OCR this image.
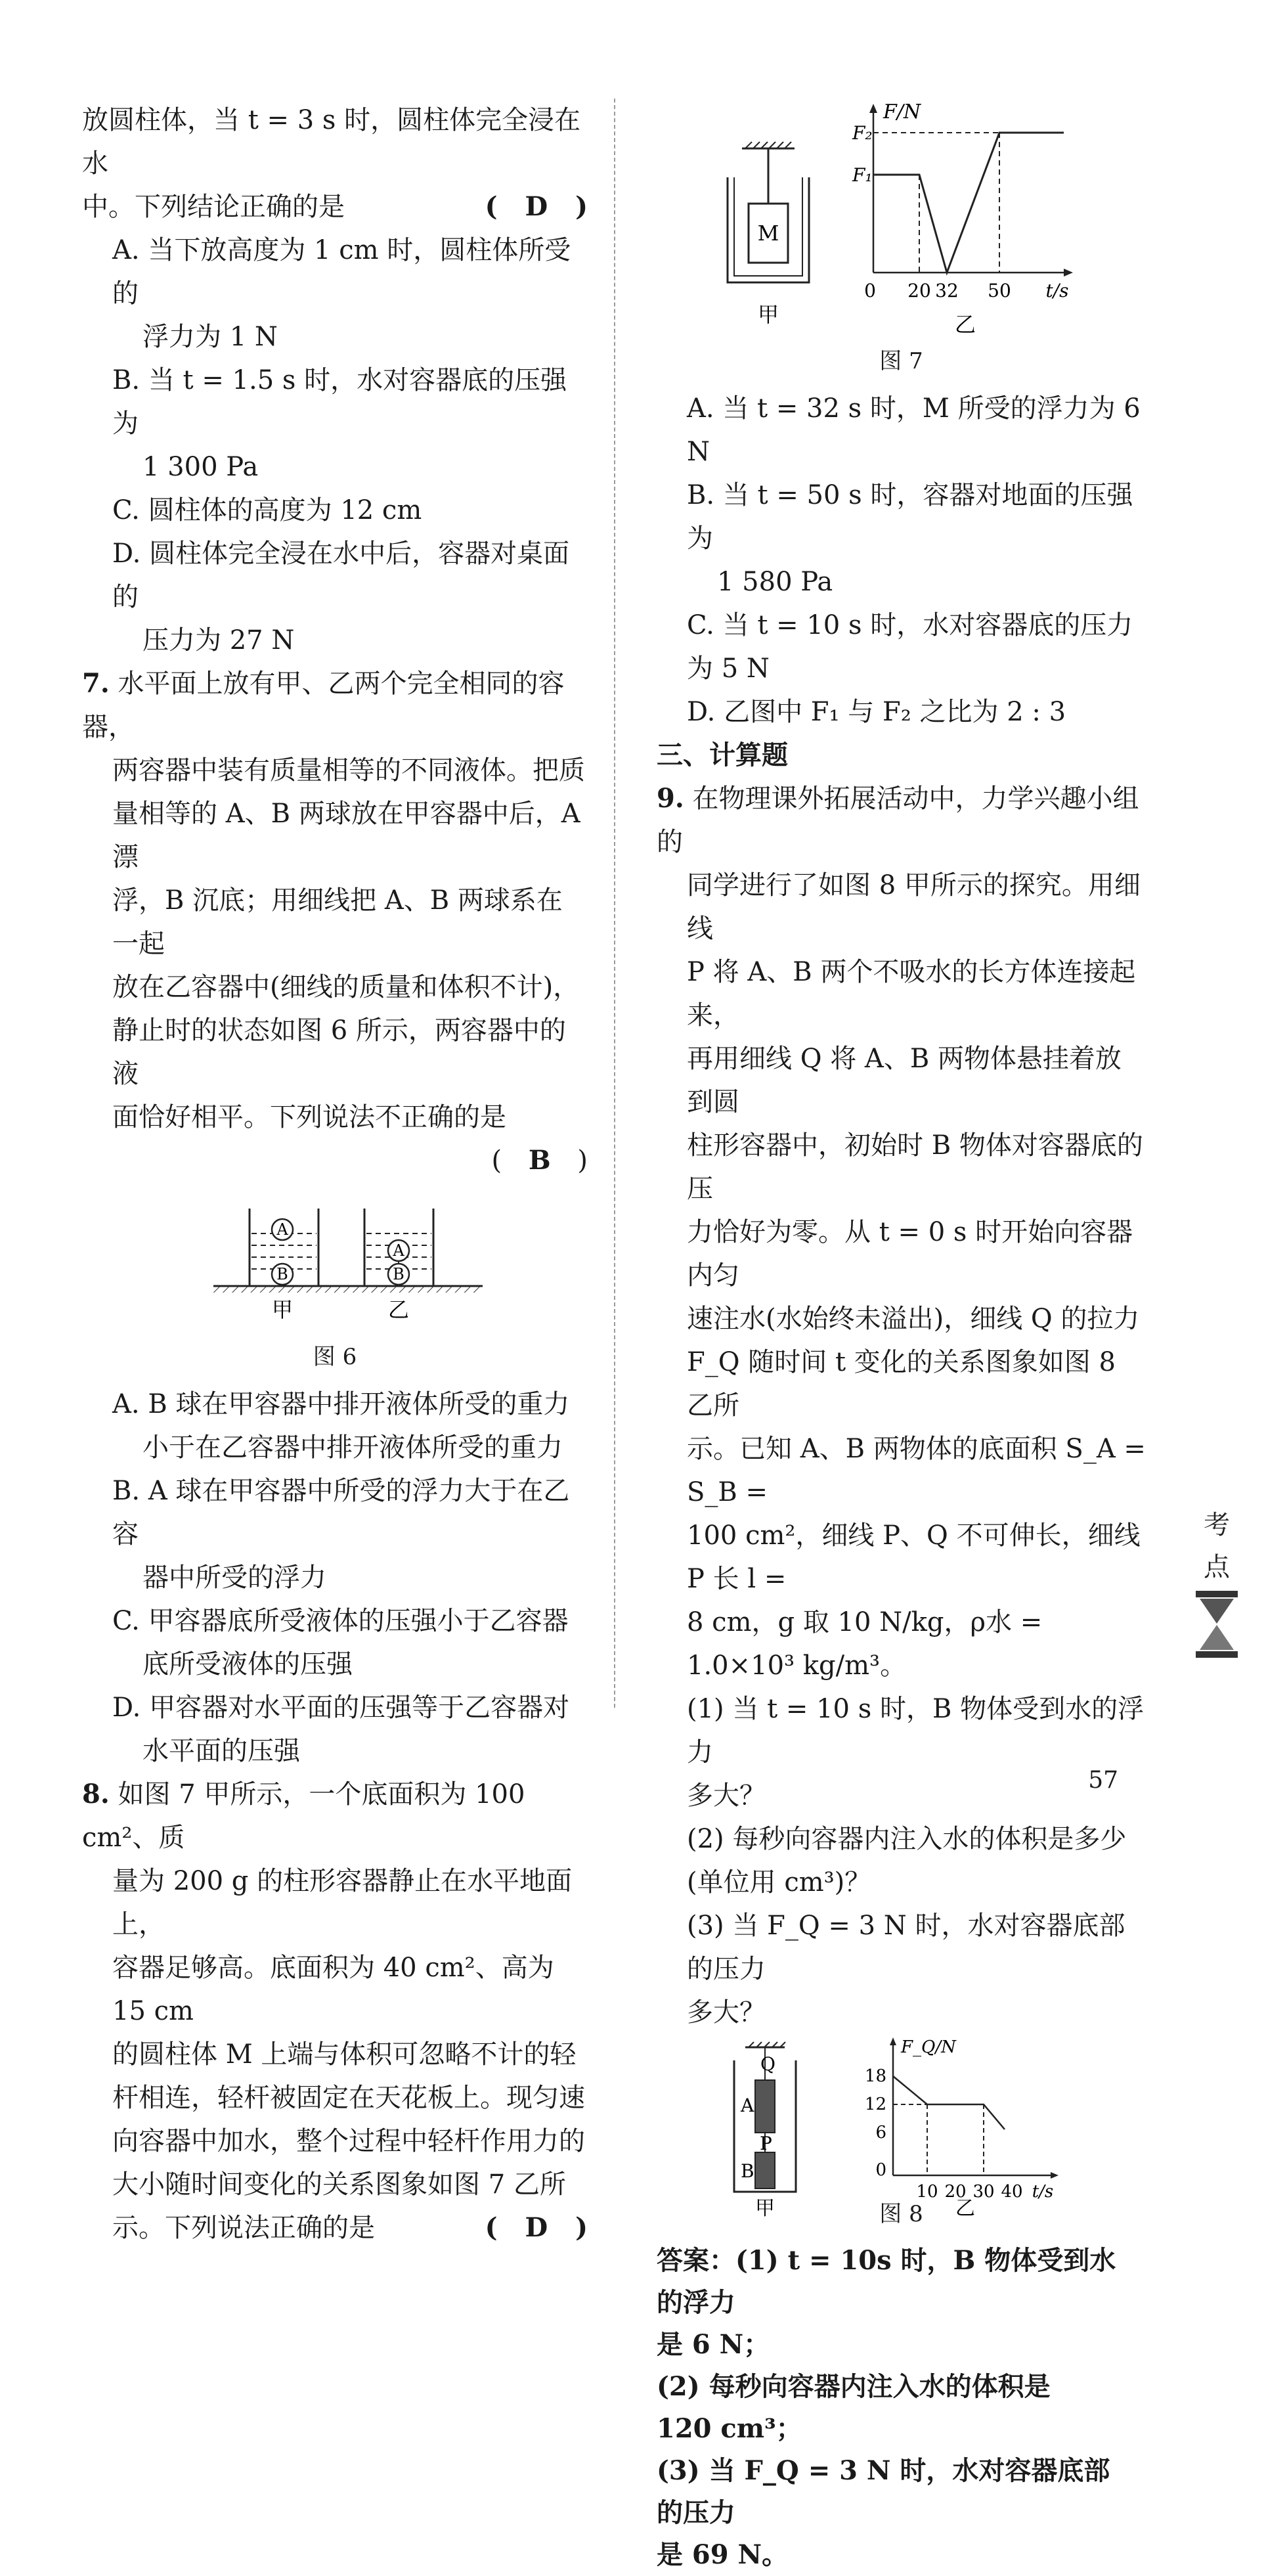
放圆柱体，当 t = 3 s 时，圆柱体完全浸在水

中。下列结论正确的是	( D )

A. 当下放高度为 1 cm 时，圆柱体所受的

浮力为 1 N

B. 当 t = 1.5 s 时，水对容器底的压强为

1 300 Pa

C. 圆柱体的高度为 12 cm

D. 圆柱体完全浸在水中后，容器对桌面的

压力为 27 N

7. 水平面上放有甲、乙两个完全相同的容器，

两容器中装有质量相等的不同液体。把质

量相等的 A、B 两球放在甲容器中后，A 漂

浮，B 沉底；用细线把 A、B 两球系在一起

放在乙容器中(细线的质量和体积不计)，

静止时的状态如图 6 所示，两容器中的液

面恰好相平。下列说法不正确的是

( B )

A
B
A
B
甲	乙

图 6

A. B 球在甲容器中排开液体所受的重力

小于在乙容器中排开液体所受的重力

B. A 球在甲容器中所受的浮力大于在乙容

器中所受的浮力

C. 甲容器底所受液体的压强小于乙容器

底所受液体的压强

D. 甲容器对水平面的压强等于乙容器对

水平面的压强

8. 如图 7 甲所示，一个底面积为 100 cm²、质

量为 200 g 的柱形容器静止在水平地面上，

容器足够高。底面积为 40 cm²、高为 15 cm

的圆柱体 M 上端与体积可忽略不计的轻

杆相连，轻杆被固定在天花板上。现匀速

向容器中加水，整个过程中轻杆作用力的

大小随时间变化的关系图象如图 7 乙所

示。下列说法正确的是	( D )

M
甲
F/N
F₂
F₁
0 20 32 50 t/s
乙

图 7

A. 当 t = 32 s 时，M 所受的浮力为 6 N

B. 当 t = 50 s 时，容器对地面的压强为

1 580 Pa

C. 当 t = 10 s 时，水对容器底的压力为 5 N

D. 乙图中 F₁ 与 F₂ 之比为 2 : 3

三、计算题

9. 在物理课外拓展活动中，力学兴趣小组的

同学进行了如图 8 甲所示的探究。用细线

P 将 A、B 两个不吸水的长方体连接起来，

再用细线 Q 将 A、B 两物体悬挂着放到圆

柱形容器中，初始时 B 物体对容器底的压

力恰好为零。从 t = 0 s 时开始向容器内匀

速注水(水始终未溢出)，细线 Q 的拉力

F_Q 随时间 t 变化的关系图象如图 8 乙所

示。已知 A、B 两物体的底面积 S_A = S_B =

100 cm²，细线 P、Q 不可伸长，细线 P 长 l =

8 cm，g 取 10 N/kg，ρ水 = 1.0×10³ kg/m³。

(1) 当 t = 10 s 时，B 物体受到水的浮力

多大？

(2) 每秒向容器内注入水的体积是多少

(单位用 cm³)？

(3) 当 F_Q = 3 N 时，水对容器底部的压力

多大？

Q
A
P
B
甲
F_Q/N
18
12
6
0
10 20 30 40 t/s
乙

图 8

答案：(1) t = 10s 时，B 物体受到水的浮力
是 6 N；
(2) 每秒向容器内注入水的体积是
120 cm³；
(3) 当 F_Q = 3 N 时，水对容器底部的压力
是 69 N。
考
点
57
